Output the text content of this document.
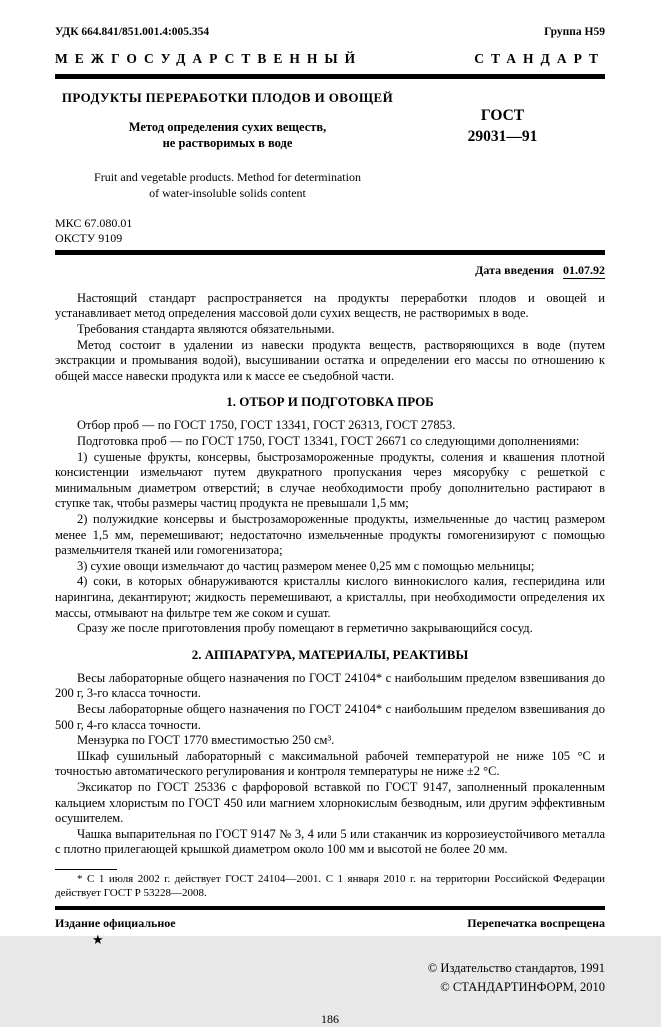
УДК 664.841/851.001.4:005.354	Группа Н59
МЕЖГОСУДАРСТВЕННЫЙ	СТАНДАРТ
ПРОДУКТЫ ПЕРЕРАБОТКИ ПЛОДОВ И ОВОЩЕЙ
Метод определения сухих веществ,
не растворимых в воде
Fruit and vegetable products. Method for determination
of water-insoluble solids content
ГОСТ
29031—91
МКС 67.080.01
ОКСТУ 9109
Дата введения 01.07.92

Настоящий стандарт распространяется на продукты переработки плодов и овощей и устанавливает метод определения массовой доли сухих веществ, не растворимых в воде.

Требования стандарта являются обязательными.

Метод состоит в удалении из навески продукта веществ, растворяющихся в воде (путем экстракции и промывания водой), высушивании остатка и определении его массы по отношению к общей массе навески продукта или к массе ее съедобной части.

1. ОТБОР И ПОДГОТОВКА ПРОБ

Отбор проб — по ГОСТ 1750, ГОСТ 13341, ГОСТ 26313, ГОСТ 27853.

Подготовка проб — по ГОСТ 1750, ГОСТ 13341, ГОСТ 26671 со следующими дополнениями:

1) сушеные фрукты, консервы, быстрозамороженные продукты, соления и квашения плотной консистенции измельчают путем двукратного пропускания через мясорубку с решеткой с минимальным диаметром отверстий; в случае необходимости пробу дополнительно растирают в ступке так, чтобы размеры частиц продукта не превышали 1,5 мм;

2) полужидкие консервы и быстрозамороженные продукты, измельченные до частиц размером менее 1,5 мм, перемешивают; недостаточно измельченные продукты гомогенизируют с помощью размельчителя тканей или гомогенизатора;

3) сухие овощи измельчают до частиц размером менее 0,25 мм с помощью мельницы;

4) соки, в которых обнаруживаются кристаллы кислого виннокислого калия, гесперидина или нарингина, декантируют; жидкость перемешивают, а кристаллы, при необходимости определения их массы, отмывают на фильтре тем же соком и сушат.

Сразу же после приготовления пробу помещают в герметично закрывающийся сосуд.

2. АППАРАТУРА, МАТЕРИАЛЫ, РЕАКТИВЫ

Весы лабораторные общего назначения по ГОСТ 24104* с наибольшим пределом взвешивания до 200 г, 3-го класса точности.

Весы лабораторные общего назначения по ГОСТ 24104* с наибольшим пределом взвешивания до 500 г, 4-го класса точности.

Мензурка по ГОСТ 1770 вместимостью 250 см³.

Шкаф сушильный лабораторный с максимальной рабочей температурой не ниже 105 °С и точностью автоматического регулирования и контроля температуры не ниже ±2 °С.

Эксикатор по ГОСТ 25336 с фарфоровой вставкой по ГОСТ 9147, заполненный прокаленным кальцием хлористым по ГОСТ 450 или магнием хлорнокислым безводным, или другим эффективным осушителем.

Чашка выпарительная по ГОСТ 9147 № 3, 4 или 5 или стаканчик из коррозиеустойчивого металла с плотно прилегающей крышкой диаметром около 100 мм и высотой не более 20 мм.

* С 1 июля 2002 г. действует ГОСТ 24104—2001. С 1 января 2010 г. на территории Российской Федерации действует ГОСТ Р 53228—2008.

Издание официальное	Перепечатка воспрещена
★
© Издательство стандартов, 1991
© СТАНДАРТИНФОРМ, 2010
186
